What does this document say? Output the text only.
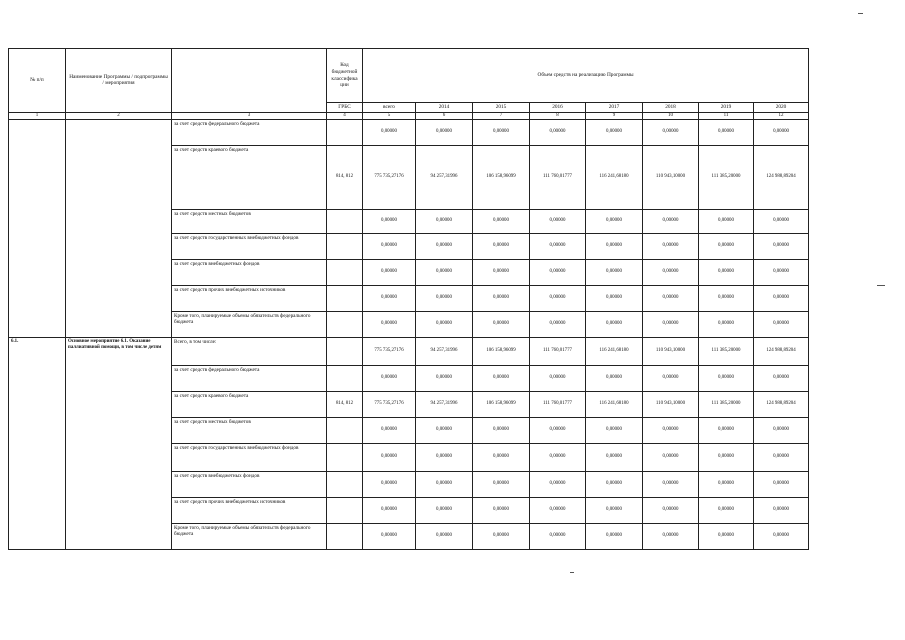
№ п/п	Наименование Программы / подпрограммы / мероприятия		Код бюджетной классифика ции	Объем средств на реализацию Программы							
			ГРБС	всего	2014	2015	2016	2017	2018	2019	2020
1	2	3	4	5	6	7	8	9	10	11	12
		за счет средств федерального бюджета		0,00000	0,00000	0,00000	0,00000	0,00000	0,00000	0,00000	0,00000
		за счет средств краевого бюджета	814, 812	775 735,27176	94 257,31996	106 158,96099	111 760,01777	116 241,68180	110 943,10000	111 385,20000	124 988,89204
		за счет средств местных бюджетов		0,00000	0,00000	0,00000	0,00000	0,00000	0,00000	0,00000	0,00000
		за счет средств государственных внебюджетных фондов		0,00000	0,00000	0,00000	0,00000	0,00000	0,00000	0,00000	0,00000
		за счет средств внебюджетных фондов		0,00000	0,00000	0,00000	0,00000	0,00000	0,00000	0,00000	0,00000
		за счет средств прочих внебюджетных источников		0,00000	0,00000	0,00000	0,00000	0,00000	0,00000	0,00000	0,00000
		Кроме того, планируемые объемы обязательств федерального бюджета		0,00000	0,00000	0,00000	0,00000	0,00000	0,00000	0,00000	0,00000
6.1.	Основное мероприятие 6.1. Оказание паллиативной помощи, в том числе детям	Всего, в том числе:		775 735,27176	94 257,31996	106 158,96099	111 760,01777	116 241,68180	110 943,10000	111 385,20000	124 988,89204
		за счет средств федерального бюджета		0,00000	0,00000	0,00000	0,00000	0,00000	0,00000	0,00000	0,00000
		за счет средств краевого бюджета	814, 812	775 735,27176	94 257,31996	106 158,96099	111 760,01777	116 241,68180	110 943,10000	111 385,20000	124 988,89204
		за счет средств местных бюджетов		0,00000	0,00000	0,00000	0,00000	0,00000	0,00000	0,00000	0,00000
		за счет средств государственных внебюджетных фондов		0,00000	0,00000	0,00000	0,00000	0,00000	0,00000	0,00000	0,00000
		за счет средств внебюджетных фондов		0,00000	0,00000	0,00000	0,00000	0,00000	0,00000	0,00000	0,00000
		за счет средств прочих внебюджетных источников		0,00000	0,00000	0,00000	0,00000	0,00000	0,00000	0,00000	0,00000
		Кроме того, планируемые объемы обязательств федерального бюджета		0,00000	0,00000	0,00000	0,00000	0,00000	0,00000	0,00000	0,00000
